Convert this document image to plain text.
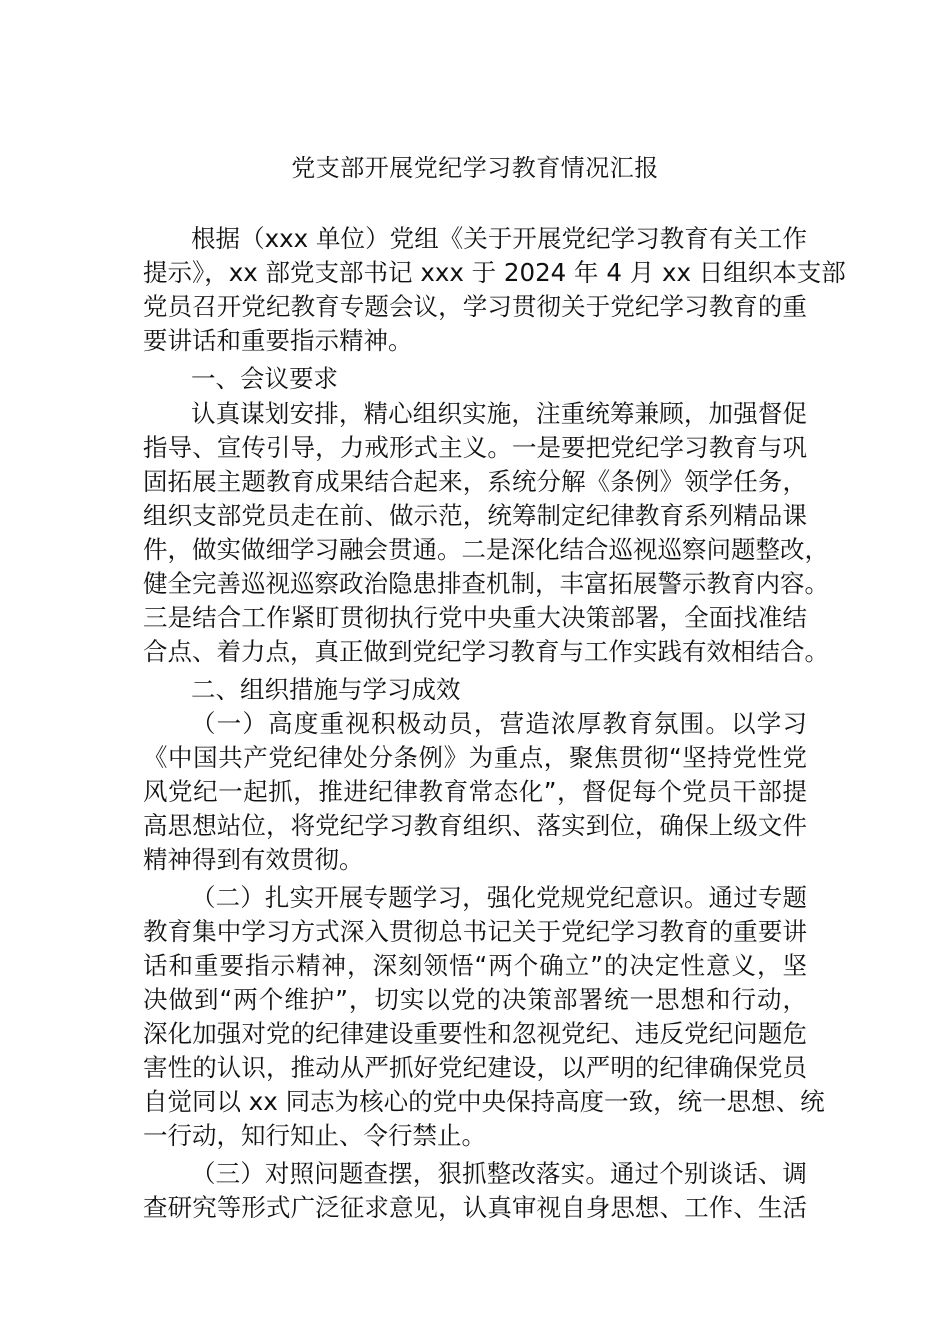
党支部开展党纪学习教育情况汇报
根据（xxx 单位）党组《关于开展党纪学习教育有关工作
提示》，xx 部党支部书记 xxx 于 2024 年 4 月 xx 日组织本支部
党员召开党纪教育专题会议，学习贯彻关于党纪学习教育的重
要讲话和重要指示精神。
一、会议要求
认真谋划安排，精心组织实施，注重统筹兼顾，加强督促
指导、宣传引导，力戒形式主义。一是要把党纪学习教育与巩
固拓展主题教育成果结合起来，系统分解《条例》领学任务，
组织支部党员走在前、做示范，统筹制定纪律教育系列精品课
件，做实做细学习融会贯通。二是深化结合巡视巡察问题整改，
健全完善巡视巡察政治隐患排查机制，丰富拓展警示教育内容。
三是结合工作紧盯贯彻执行党中央重大决策部署，全面找准结
合点、着力点，真正做到党纪学习教育与工作实践有效相结合。
二、组织措施与学习成效
（一）高度重视积极动员，营造浓厚教育氛围。以学习
《中国共产党纪律处分条例》为重点，聚焦贯彻“坚持党性党
风党纪一起抓，推进纪律教育常态化”，督促每个党员干部提
高思想站位，将党纪学习教育组织、落实到位，确保上级文件
精神得到有效贯彻。
（二）扎实开展专题学习，强化党规党纪意识。通过专题
教育集中学习方式深入贯彻总书记关于党纪学习教育的重要讲
话和重要指示精神，深刻领悟“两个确立”的决定性意义，坚
决做到“两个维护”，切实以党的决策部署统一思想和行动，
深化加强对党的纪律建设重要性和忽视党纪、违反党纪问题危
害性的认识，推动从严抓好党纪建设，以严明的纪律确保党员
自觉同以 xx 同志为核心的党中央保持高度一致，统一思想、统
一行动，知行知止、令行禁止。
（三）对照问题查摆，狠抓整改落实。通过个别谈话、调
查研究等形式广泛征求意见，认真审视自身思想、工作、生活
